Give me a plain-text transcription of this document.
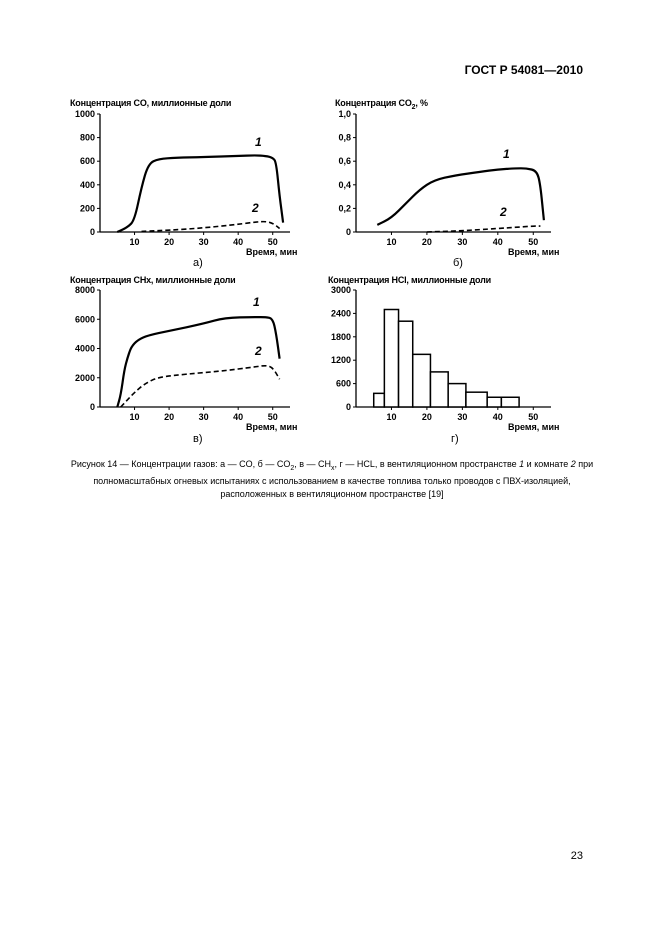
ГОСТ Р 54081—2010
Концентрация CO, миллионные доли
Время, мин
а)
Концентрация $CO_2$, %
Время, мин
б)
Концентрация CHx, миллионные доли
Время, мин
в)
Концентрация HCl, миллионные доли
Время, мин
г)
0
200
400
600
800
1000
10	20	30	40	50
1
2
0
0,2
0,4
0,6
0,8
1,0
10	20	30	40	50
1
2
0
2000
4000
6000
8000
10	20	30	40	50
1
2
0
600
1200
1800
2400
3000
10	20	30	40	50
Рисунок 14 — Концентрации газов: а — CO, б — $CO_2$, в — $CH_x$, г — HCL, в вентиляционном пространстве 1 и комнате 2 при полномасштабных огневых испытаниях с использованием в качестве топлива только проводов с ПВХ-изоляцией, расположенных в вентиляционном пространстве [19]
23
